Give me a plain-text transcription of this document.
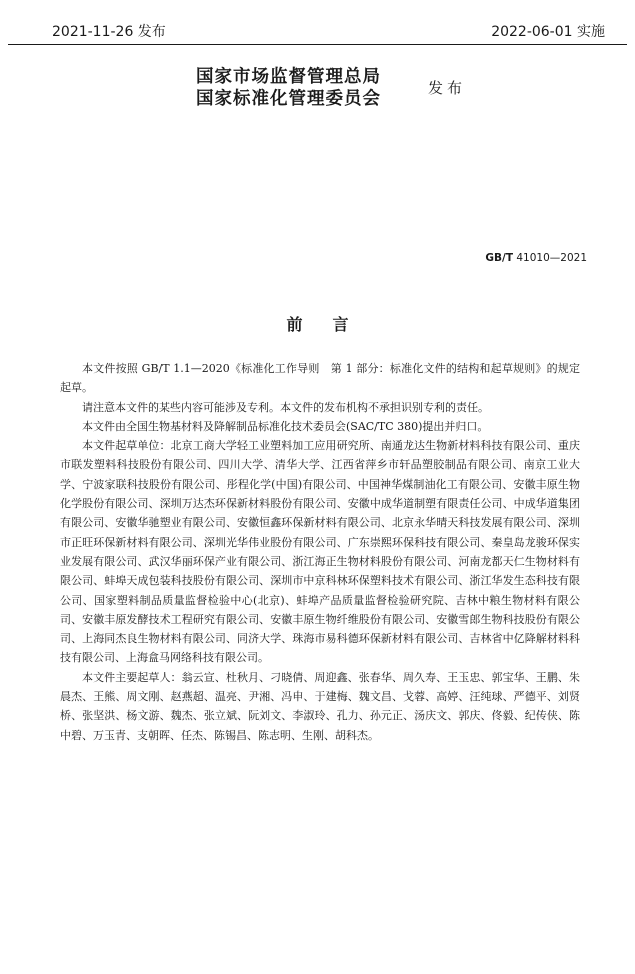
2021-11-26 发布	2022-06-01 实施
国家市场监督管理总局
国家标准化管理委员会
发布
GB/T 41010—2021
前言

本文件按照 GB/T 1.1—2020《标准化工作导则　第 1 部分：标准化文件的结构和起草规则》的规定起草。

请注意本文件的某些内容可能涉及专利。本文件的发布机构不承担识别专利的责任。

本文件由全国生物基材料及降解制品标准化技术委员会(SAC/TC 380)提出并归口。

本文件起草单位：北京工商大学轻工业塑料加工应用研究所、南通龙达生物新材料科技有限公司、重庆市联发塑料科技股份有限公司、四川大学、清华大学、江西省萍乡市轩品塑胶制品有限公司、南京工业大学、宁波家联科技股份有限公司、彤程化学(中国)有限公司、中国神华煤制油化工有限公司、安徽丰原生物化学股份有限公司、深圳万达杰环保新材料股份有限公司、安徽中成华道制塑有限责任公司、中成华道集团有限公司、安徽华驰塑业有限公司、安徽恒鑫环保新材料有限公司、北京永华晴天科技发展有限公司、深圳市正旺环保新材料有限公司、深圳光华伟业股份有限公司、广东崇熙环保科技有限公司、秦皇岛龙骏环保实业发展有限公司、武汉华丽环保产业有限公司、浙江海正生物材料股份有限公司、河南龙都天仁生物材料有限公司、蚌埠天成包装科技股份有限公司、深圳市中京科林环保塑料技术有限公司、浙江华发生态科技有限公司、国家塑料制品质量监督检验中心(北京)、蚌埠产品质量监督检验研究院、吉林中粮生物材料有限公司、安徽丰原发酵技术工程研究有限公司、安徽丰原生物纤维股份有限公司、安徽雪郎生物科技股份有限公司、上海同杰良生物材料有限公司、同济大学、珠海市易科德环保新材料有限公司、吉林省中亿降解材料科技有限公司、上海盒马网络科技有限公司。

本文件主要起草人：翁云宣、杜秋月、刁晓倩、周迎鑫、张春华、周久寿、王玉忠、郭宝华、王鹏、朱晨杰、王熊、周文刚、赵燕超、温亮、尹湘、冯申、于建梅、魏文昌、戈蓉、高婷、汪纯球、严德平、刘贤桥、张坚洪、杨文游、魏杰、张立斌、阮刘文、李淑玲、孔力、孙元正、汤庆文、郭庆、佟毅、纪传侠、陈中碧、万玉青、支朝晖、任杰、陈锡昌、陈志明、生刚、胡科杰。
